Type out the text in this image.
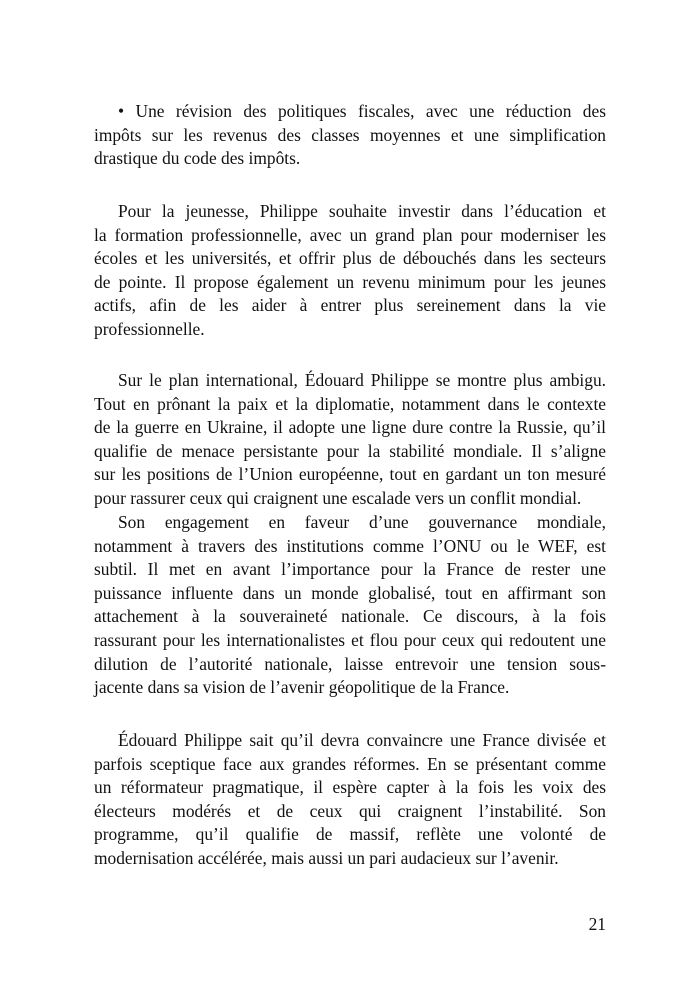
• Une révision des politiques fiscales, avec une réduction des
impôts sur les revenus des classes moyennes et une simplification
drastique du code des impôts.
Pour la jeunesse, Philippe souhaite investir dans l’éducation et
la formation professionnelle, avec un grand plan pour moderniser les
écoles et les universités, et offrir plus de débouchés dans les secteurs
de pointe. Il propose également un revenu minimum pour les jeunes
actifs, afin de les aider à entrer plus sereinement dans la vie
professionnelle.
Sur le plan international, Édouard Philippe se montre plus ambigu.
Tout en prônant la paix et la diplomatie, notamment dans le contexte
de la guerre en Ukraine, il adopte une ligne dure contre la Russie, qu’il
qualifie de menace persistante pour la stabilité mondiale. Il s’aligne
sur les positions de l’Union européenne, tout en gardant un ton mesuré
pour rassurer ceux qui craignent une escalade vers un conflit mondial.
Son engagement en faveur d’une gouvernance mondiale,
notamment à travers des institutions comme l’ONU ou le WEF, est
subtil. Il met en avant l’importance pour la France de rester une
puissance influente dans un monde globalisé, tout en affirmant son
attachement à la souveraineté nationale. Ce discours, à la fois
rassurant pour les internationalistes et flou pour ceux qui redoutent une
dilution de l’autorité nationale, laisse entrevoir une tension sous-
jacente dans sa vision de l’avenir géopolitique de la France.
Édouard Philippe sait qu’il devra convaincre une France divisée et
parfois sceptique face aux grandes réformes. En se présentant comme
un réformateur pragmatique, il espère capter à la fois les voix des
électeurs modérés et de ceux qui craignent l’instabilité. Son
programme, qu’il qualifie de massif, reflète une volonté de
modernisation accélérée, mais aussi un pari audacieux sur l’avenir.
21
